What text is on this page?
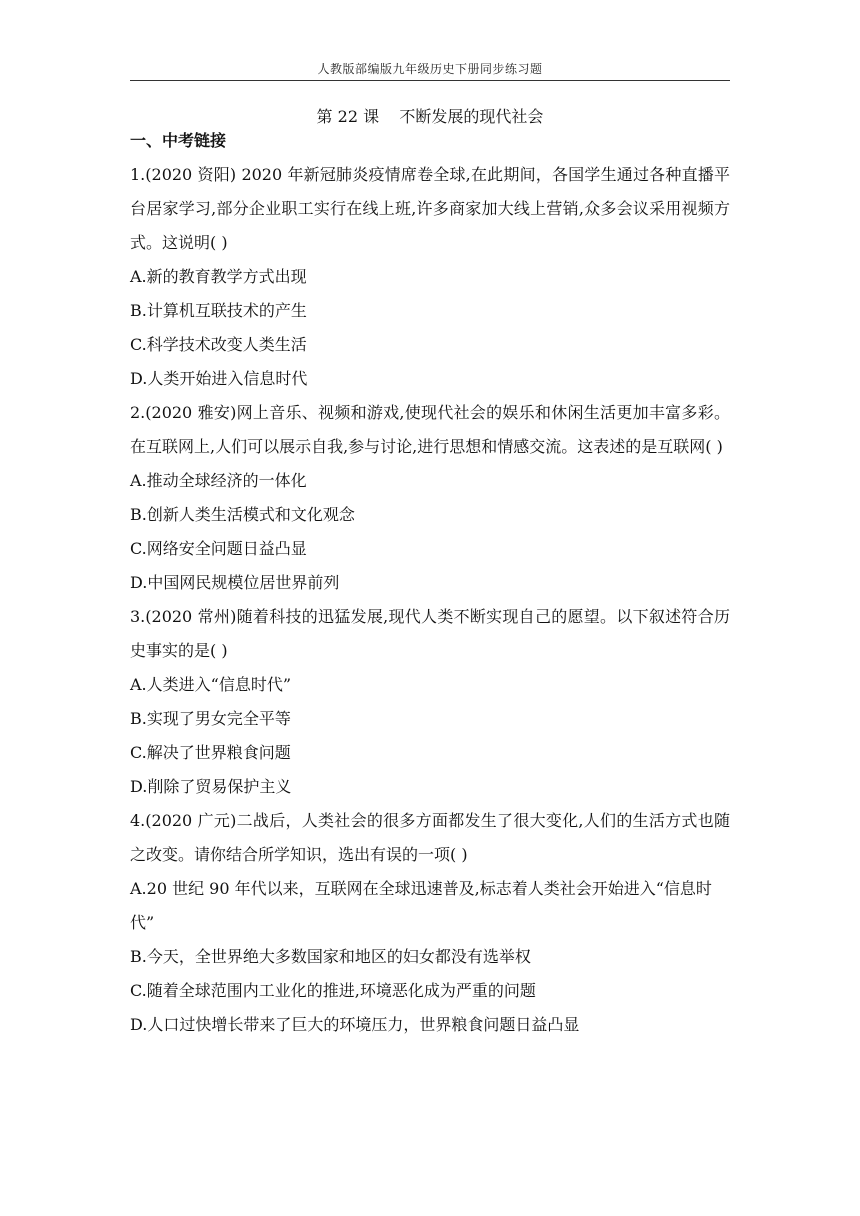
人教版部编版九年级历史下册同步练习题
第 22 课    不断发展的现代社会
一、中考链接

1.(2020 资阳) 2020 年新冠肺炎疫情席卷全球,在此期间，各国学生通过各种直播平台居家学习,部分企业职工实行在线上班,许多商家加大线上营销,众多会议采用视频方式。这说明( )

A.新的教育教学方式出现

B.计算机互联技术的产生

C.科学技术改变人类生活

D.人类开始进入信息时代

2.(2020 雅安)网上音乐、视频和游戏,使现代社会的娱乐和休闲生活更加丰富多彩。在互联网上,人们可以展示自我,参与讨论,进行思想和情感交流。这表述的是互联网( )

A.推动全球经济的一体化

B.创新人类生活模式和文化观念

C.网络安全问题日益凸显

D.中国网民规模位居世界前列

3.(2020 常州)随着科技的迅猛发展,现代人类不断实现自己的愿望。以下叙述符合历史事实的是( )

A.人类进入“信息时代”

B.实现了男女完全平等

C.解决了世界粮食问题

D.削除了贸易保护主义

4.(2020 广元)二战后，人类社会的很多方面都发生了很大变化,人们的生活方式也随之改变。请你结合所学知识，选出有误的一项( )

A.20 世纪 90 年代以来，互联网在全球迅速普及,标志着人类社会开始进入“信息时代”

B.今天，全世界绝大多数国家和地区的妇女都没有选举权

C.随着全球范围内工业化的推进,环境恶化成为严重的问题

D.人口过快增长带来了巨大的环境压力，世界粮食问题日益凸显
